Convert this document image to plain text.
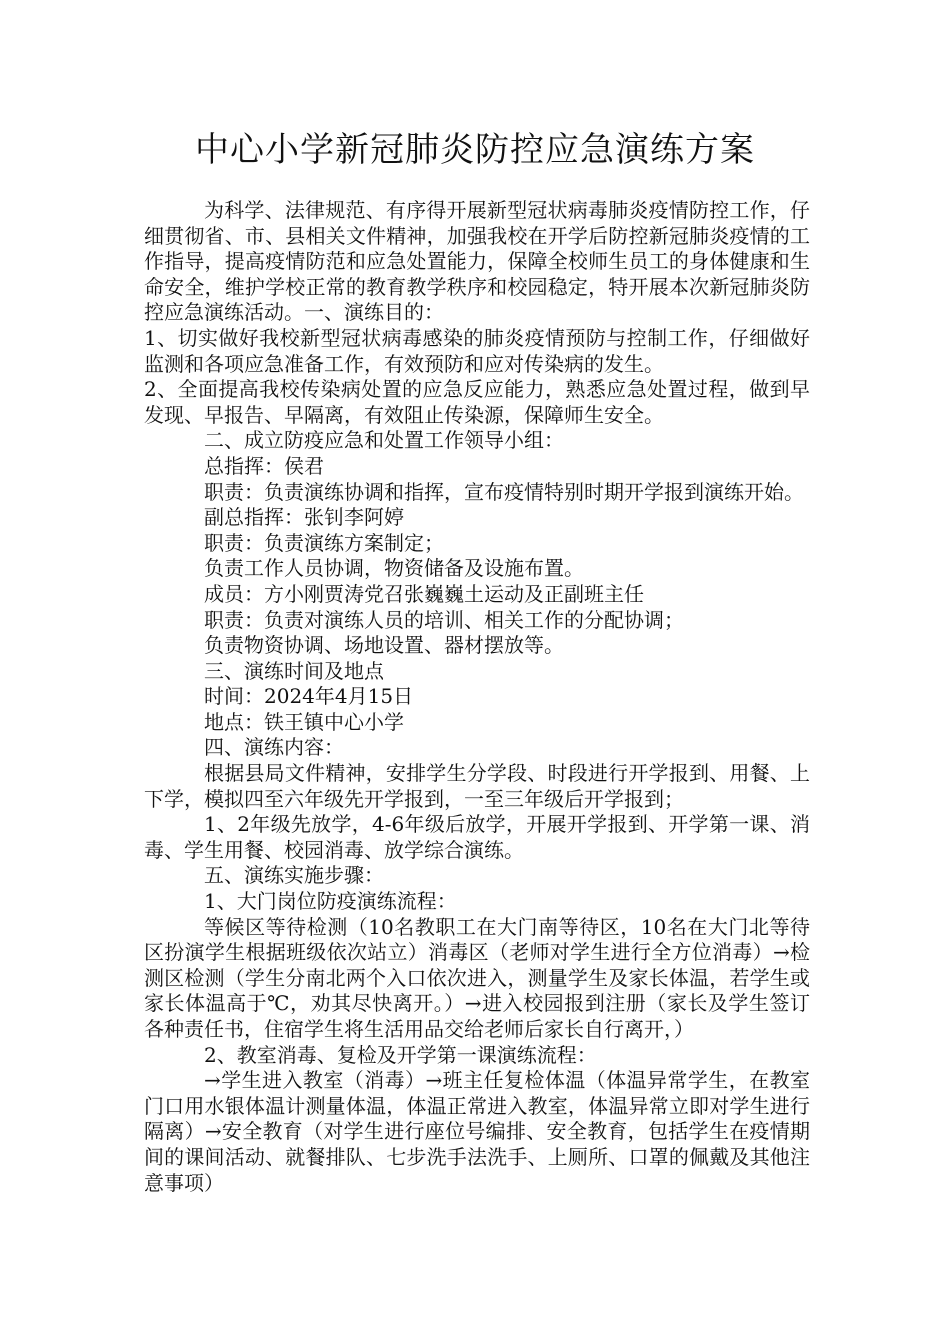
中心小学新冠肺炎防控应急演练方案

为科学、法律规范、有序得开展新型冠状病毒肺炎疫情防控工作，仔细贯彻省、市、县相关文件精神，加强我校在开学后防控新冠肺炎疫情的工作指导，提高疫情防范和应急处置能力，保障全校师生员工的身体健康和生命安全，维护学校正常的教育教学秩序和校园稳定，特开展本次新冠肺炎防控应急演练活动。一、演练目的：

1、切实做好我校新型冠状病毒感染的肺炎疫情预防与控制工作，仔细做好监测和各项应急准备工作，有效预防和应对传染病的发生。

2、全面提高我校传染病处置的应急反应能力，熟悉应急处置过程，做到早发现、早报告、早隔离，有效阻止传染源，保障师生安全。

二、成立防疫应急和处置工作领导小组：

总指挥：侯君

职责：负责演练协调和指挥，宣布疫情特别时期开学报到演练开始。

副总指挥：张钊李阿婷

职责：负责演练方案制定；

负责工作人员协调，物资储备及设施布置。

成员：方小刚贾涛党召张巍巍土运动及正副班主任

职责：负责对演练人员的培训、相关工作的分配协调；

负责物资协调、场地设置、器材摆放等。

三、演练时间及地点

时间：2024年4月15日

地点：铁王镇中心小学

四、演练内容：

根据县局文件精神，安排学生分学段、时段进行开学报到、用餐、上下学，模拟四至六年级先开学报到，一至三年级后开学报到；

1、2年级先放学，4-6年级后放学，开展开学报到、开学第一课、消毒、学生用餐、校园消毒、放学综合演练。

五、演练实施步骤：

1、大门岗位防疫演练流程：

等候区等待检测（10名教职工在大门南等待区，10名在大门北等待区扮演学生根据班级依次站立）消毒区（老师对学生进行全方位消毒）→检测区检测（学生分南北两个入口依次进入，测量学生及家长体温，若学生或家长体温高于℃，劝其尽快离开。）→进入校园报到注册（家长及学生签订各种责任书，住宿学生将生活用品交给老师后家长自行离开，）

2、教室消毒、复检及开学第一课演练流程：

→学生进入教室（消毒）→班主任复检体温（体温异常学生，在教室门口用水银体温计测量体温，体温正常进入教室，体温异常立即对学生进行隔离）→安全教育（对学生进行座位号编排、安全教育，包括学生在疫情期间的课间活动、就餐排队、七步洗手法洗手、上厕所、口罩的佩戴及其他注意事项）
